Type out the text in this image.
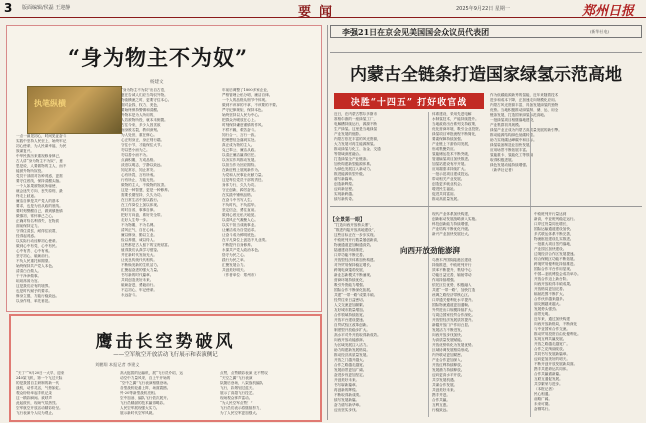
3 版面编辑/侯磊 王迎静	要闻	2025年9月22日 星期一	郑州日报
“身为物主不为奴”
杨建文
执笔纵横
一点一滴见初心，时间见证奋斗
实践中坚持人民至上，始终牢记
初心使命，为人民谋幸福，为民
族谋复兴。
中华民族历来重视修身律己，
古人讲“身为物主不为奴”，意
思是说，人要做物的主人，而不
能被外物所奴役。
党员干部面对各种诱惑，更需
要守住底线，保持清醒头脑。
一个人如果被物欲所驱使，
就会迷失方向、丧失原则，最
终走上歧途。
廉洁自律是共产党人的基本
要求，也是为官从政的底线。
要时刻警醒自己，做到慎独慎
微慎初，常怀律己之心。
正确对待名利得失，在物质
面前保持定力。
守得住清贫，耐得住寂寞，
经得起诱惑。
以实际行动诠释初心使命。
做到心中有党、心中有民。
心中有责、心中有戒。
坚守初心，砥砺前行。
不负人民重托和期望。
始终保持共产党人本色。
清清白白做人。
干干净净做事。
坦坦荡荡为官。
这是我们应有的境界。
也是时代赋予的要求。
修身立德，方能行稳致远。
以身作则，率先垂范。
“身为物主不为奴”出自古语，
意在告诫人们应当驾驭外物。
物欲横流之时，更要守住本心。
面对金钱、权力、美色，
要始终保持警惕和清醒。
外物本是为人所用的，
人若被物所役，就本末倒置。
古往今来，多少人因贪欲
而身败名裂，教训深刻。
为人处世，重在修心。
心正则身正，身正则行端。
守住小节，才能保住大节。
勿以恶小而为之。
勿以善小而不为。
点滴积累，方成品格。
淡泊以明志，宁静以致远。
知足常乐，知止常安。
心有所畏，言有所戒。
行有所止，方能无忧。
做物的主人，不做物的奴隶。
这是一种智慧，更是一种修养。
需要长期坚持，久久为功。
在日常生活中加以践行。
在工作岗位上加以体现。
时时自省，事事自律。
把好方向盘，系好安全带。
走好人生每一步。
不为物累，不为名缚。
清风正气，自在心间。
廉以修身，勤以立业。
俭以养德，诚以待人。
这些都是古人留下的宝贵财富。
值得我们认真学习借鉴。
并在新时代发扬光大。
让优良传统代代相传。
不断焕发新的生机活力。
汇聚起奋进的强大力量。
书写新的时代篇章。
共同创造美好未来。
砥砺奋进，勇毅前行。
不忘初心，牢记使命。
永远奋斗。
年前后调整了1800多家企业，
严格管理公私分明，廉洁自律。
一个人的品格从细节中体现。
做到不该拿的不拿，不该要的不要。
严守纪律规矩，保持本色。
始终坚持以人民为中心。
把群众冷暖放在心上。
时刻保持谦虚谨慎的作风。
不骄不躁，艰苦奋斗。
知行合一，言行一致。
把理想信念落到实处。
真正成为物的主人。
克己奉公，廉洁从政。
以清正廉洁赢得信任。
以务实作风推动发展。
以担当作为回应期待。
在新征程上展现新作为。
为党和人民事业贡献力量。
这是每位党员干部的责任。
身体力行，久久为功。
守正创新，踔厉奋发。
在实践中锤炼品格。
在奋斗中书写人生。
不负时代，不负韶华。
坚定信念，勇往直前。
做到心底无私天地宽。
以清风正气凝聚人心。
以实干担当成就事业。
让廉洁成为自觉追求。
让奋斗成为鲜明底色。
在平凡岗位上创造不凡业绩。
不断提升自身修养。
永葆共产党人政治本色。
恪守为民之心。
践行为民之举。
汇聚发展合力。
共创美好明天。
（作者单位：郑州市）
鹰击长空势破风
——空军航空开放活动飞行展示和表演侧记
刘鹏翔 本报记者 李建义
“天丁”“9月20日一大早，迎来
240架飞机，第一个飞过天际
的是我国自主研制的新一代
战机，动作灵活，气势如虹。
观众纷纷举起手机记录
这一精彩瞬间。欢呼声
此起彼伏，现场气氛热烈。
空军航空开放活动精彩纷呈。
飞行表演令人叹为观止。
高大挺拔的运输机，展“飞行员介绍，运
动空中力量风采，自上午开始的
“空中之翼”飞行表演相继登场。
各型战机轮番上阵，场面震撼。
歼-20等新型战机亮相。
空中加油、编队飞行依次展开。
飞行员精湛的技术赢得喝彩。
人民空军展现强大实力。
展示新时代空军风貌。
点赞，点赞精彩表演 无不赞叹
“天空之翼”飞行表演
队随后登场，八架战机编队
飞行，彩烟划过蓝天。
展示了高超飞行技艺。
现场观众掌声雷动。
“为人民空军点赞！”
飞行员们表示将继续努力，
为了人民空军更加强大。
李强21日在京会见美国国会众议员代表团	(新华社电)
内蒙古全链条打造国家绿氢示范高地
决胜“十四五” 打好收官战
作为低碳能源新秀的氢能，近年来随着技术
进步和成本下降，正加速走向规模化应用。
内蒙古风光资源丰富，具备发展绿氢的独特
优势。当地积极推动绿氢制、储、运、用全
链条发展，打造国家绿氢示范高地。
一批绿氢项目相继落地建设，
产业集群初具规模。
绿氢产业正成为内蒙古高质量发展的新引擎。
推动能源结构绿色低碳转型。
助力实现碳达峰碳中和目标。
绿氢装备制造业加快发展。
应用场景不断拓展丰富。
氢能重卡、氢能化工等领域
取得积极进展。
绿色发展动能持续增强。
（新华社记者）
近日，在内蒙古鄂尔多斯市
准格尔旗的一座绿氢工厂，
电解槽持续运行，源源不断
生产绿氢。这里是当地绿氢
产业发展的缩影。
内蒙古依托丰富的风光资源，
大力发展可再生能源制氢。
推动绿氢与化工、冶金、交通
等领域深度融合。
打造绿氢全产业链条。
加快构建新型能源体系。
为绿色发展注入新动力。
推进能源转型升级。
谱写新篇章。
创造新辉煌。
迈向新征程。
实现新跨越。
续写新传奇。
体系建设，采用先进电解
水制氢技术，产能持续提升。
当地政府出台系列支持政策，
优化营商环境，吸引企业投资。
绿氢项目审批流程不断简化，
要素保障持续加强。
产业链上下游协同发展，
形成集聚效应。
氢能储运技术不断突破，
管道输氢项目加快推进。
加氢站建设有序开展。
应用端需求持续扩大。
一批示范项目建成投运。
带动相关产业发展。
创造更多就业机会。
增进民生福祉。
促进共同富裕。
推动高质量发展。
【全景第一眼】
“打造向西开放桥头堡”，
“推进内陆开放高地建设”，
这些目标正在一步步实现。
中欧班列开行数量屡创新高，
物流通道更加畅通高效。
陆港建设持续推进，
口岸功能不断完善。
开放型经济体系加快构建。
对外贸易保持稳定增长。
跨境电商蓬勃发展，
新业态新模式不断涌现。
营商环境持续优化，
吸引外资能力增强。
国际合作不断深化拓展。
共建“一带一路”成果丰硕。
经贸往来日益密切。
人文交流更加频繁。
友好城市数量增加。
合作领域持续拓宽。
开放平台建设提速。
自贸试验区改革创新。
制度型开放稳步扩大。
高水平对外开放取得新成效。
向西开放动能澎湃。
为区域发展注入活力。
助力构建新发展格局。
推动经济高质量发展。
开放之门越开越大。
合作之路越走越宽。
发展前景更加广阔。
奋进步伐更加坚定。
开创美好未来。
书写崭新篇章。
再创新的辉煌。
不断取得新成绩。
续写发展新篇。
奋力谱写新华章。
迈出坚实步伐。
向西开放劲能澎湃
现代产业体系加快构建，
创新驱动发展战略深入实施。
科技创新能力持续增强，
产业结构不断优化升级。
新兴产业加快发展壮大。
乌鲁木齐国际陆港区建设
持续推进，中欧班列开行
效率不断提升，集结中心
功能日益完善，辐射带动
作用持续增强。
依托区位优势，积极融入
共建“一带一路”，加快打造
丝绸之路经济带核心区。
口岸通关便利化水平提升。
国际物流通道更加通畅。
外贸进出口规模持续扩大。
与周边国家经贸合作深化。
开放型经济发展质效提升。
新疆开放门户作用凸显。
发展活力不断迸发。
向西开放步伐加快。
为高质量发展赋能。
开放优势转化为发展优势。
区域协调发展格局形成。
内外联动更加紧密。
产业合作更加深入。
开放红利持续释放。
发展潜力持续释放。
迈向更高水平开放。
共享发展机遇。
共谋合作发展。
共创美好未来。
携手并进。
合作共赢。
互利互惠。
行稳致远。
中欧班列开行量达到
新高，中亚班列稳定运行。
口岸过货量同比增长，
国际运输通道建设加快。
多式联运体系不断完善，
物流枢纽建设扎实推进。
一批重大项目签约落地，
产业园区加快建设。
边境经济合作区发展提速。
综合保税区功能不断拓展。
跨境贸易便利化持续推进。
国际合作平台作用显现。
中国—亚欧博览会成功举办。
开放合作迈上新台阶。
向西开放取得丰硕成果。
开放格局更加完善。
辐射范围不断扩大。
合作伙伴越来越多。
朋友圈越来越大。
发展势头强劲。
前景光明。
近年来，通过加快构建
向西开放新格局，不断深化
与中亚国家合作交流。
推动贸易投资自由化便利化。
实现互利共赢发展。
开放之路越走越宽广。
合作之花绚丽绽放。
共同书写发展新篇章。
迈向更加美好的明天。
不断开创开放发展新局面。
携手共建命运共同体。
合作共赢谱新篇。
互联互通促发展。
共享繁荣与进步。
（本报记者）
民心相通。
前路广阔。
未来可期。
奋楫笃行。
